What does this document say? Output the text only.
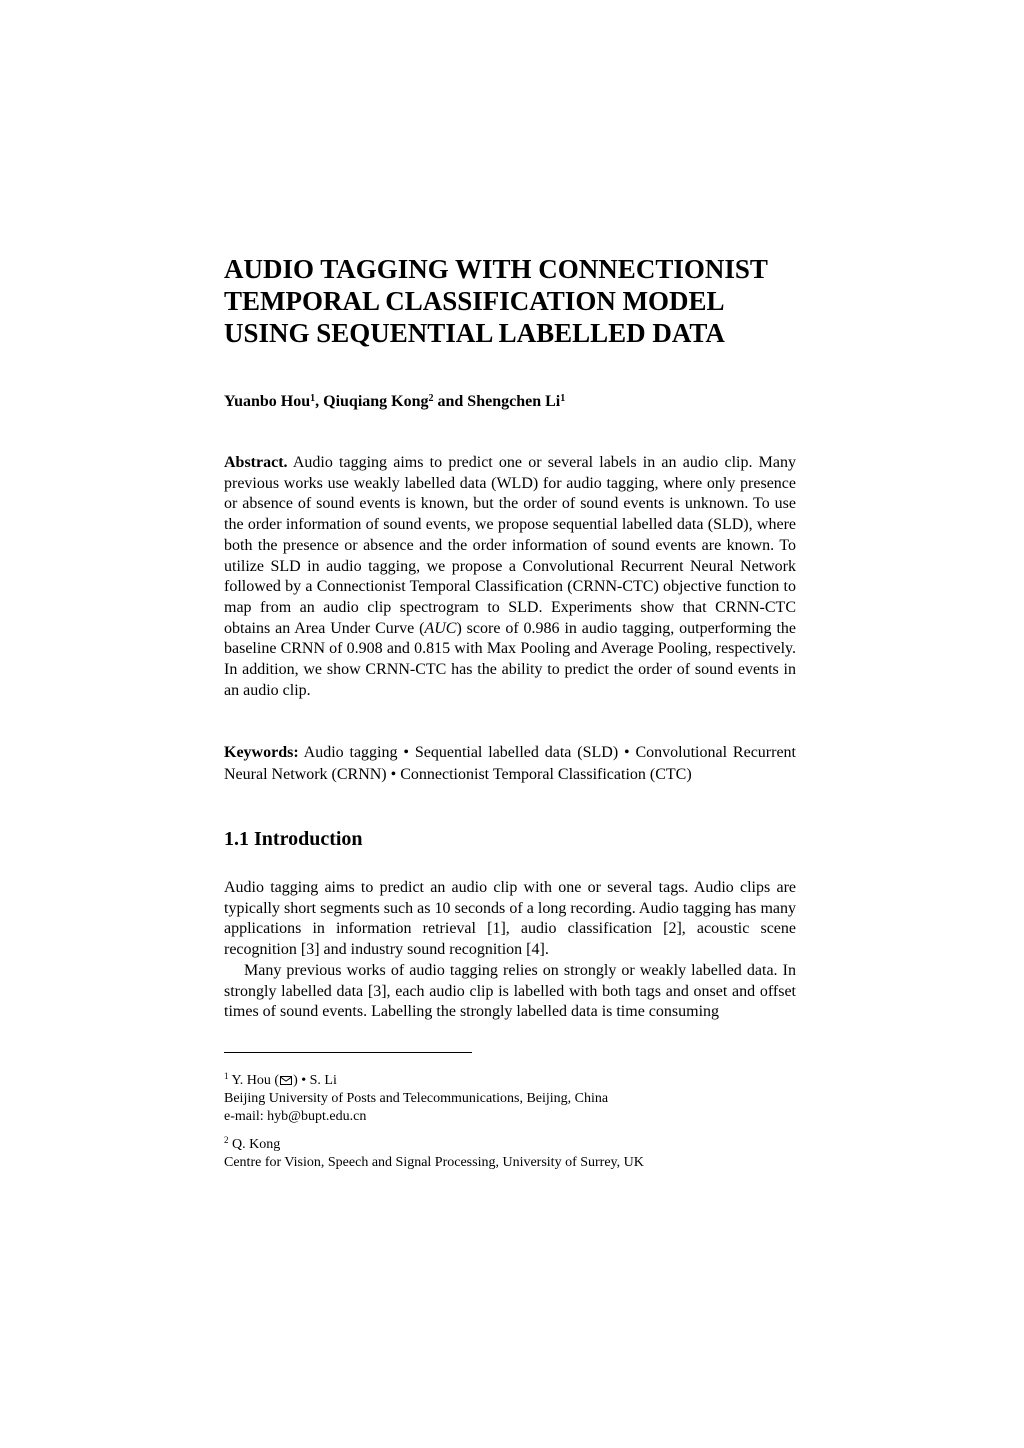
AUDIO TAGGING WITH CONNECTIONIST
TEMPORAL CLASSIFICATION MODEL
USING SEQUENTIAL LABELLED DATA

Yuanbo Hou$^1$, Qiuqiang Kong$^2$ and Shengchen Li$^1$

Abstract. Audio tagging aims to predict one or several labels in an audio clip. Many previous works use weakly labelled data (WLD) for audio tagging, where only presence or absence of sound events is known, but the order of sound events is unknown. To use the order information of sound events, we propose sequential labelled data (SLD), where both the presence or absence and the order information of sound events are known. To utilize SLD in audio tagging, we propose a Convolutional Recurrent Neural Network followed by a Connectionist Temporal Classification (CRNN-CTC) objective function to map from an audio clip spectrogram to SLD. Experiments show that CRNN-CTC obtains an Area Under Curve (AUC) score of 0.986 in audio tagging, outperforming the baseline CRNN of 0.908 and 0.815 with Max Pooling and Average Pooling, respectively. In addition, we show CRNN-CTC has the ability to predict the order of sound events in an audio clip.

Keywords: Audio tagging • Sequential labelled data (SLD) • Convolutional Recurrent Neural Network (CRNN) • Connectionist Temporal Classification (CTC)

1.1 Introduction

Audio tagging aims to predict an audio clip with one or several tags. Audio clips are typically short segments such as 10 seconds of a long recording. Audio tagging has many applications in information retrieval [1], audio classification [2], acoustic scene recognition [3] and industry sound recognition [4].

Many previous works of audio tagging relies on strongly or weakly labelled data. In strongly labelled data [3], each audio clip is labelled with both tags and onset and offset times of sound events. Labelling the strongly labelled data is time consuming

$^1$ Y. Hou ( ) • S. Li
Beijing University of Posts and Telecommunications, Beijing, China
e-mail: hyb@bupt.edu.cn
$^2$ Q. Kong
Centre for Vision, Speech and Signal Processing, University of Surrey, UK
